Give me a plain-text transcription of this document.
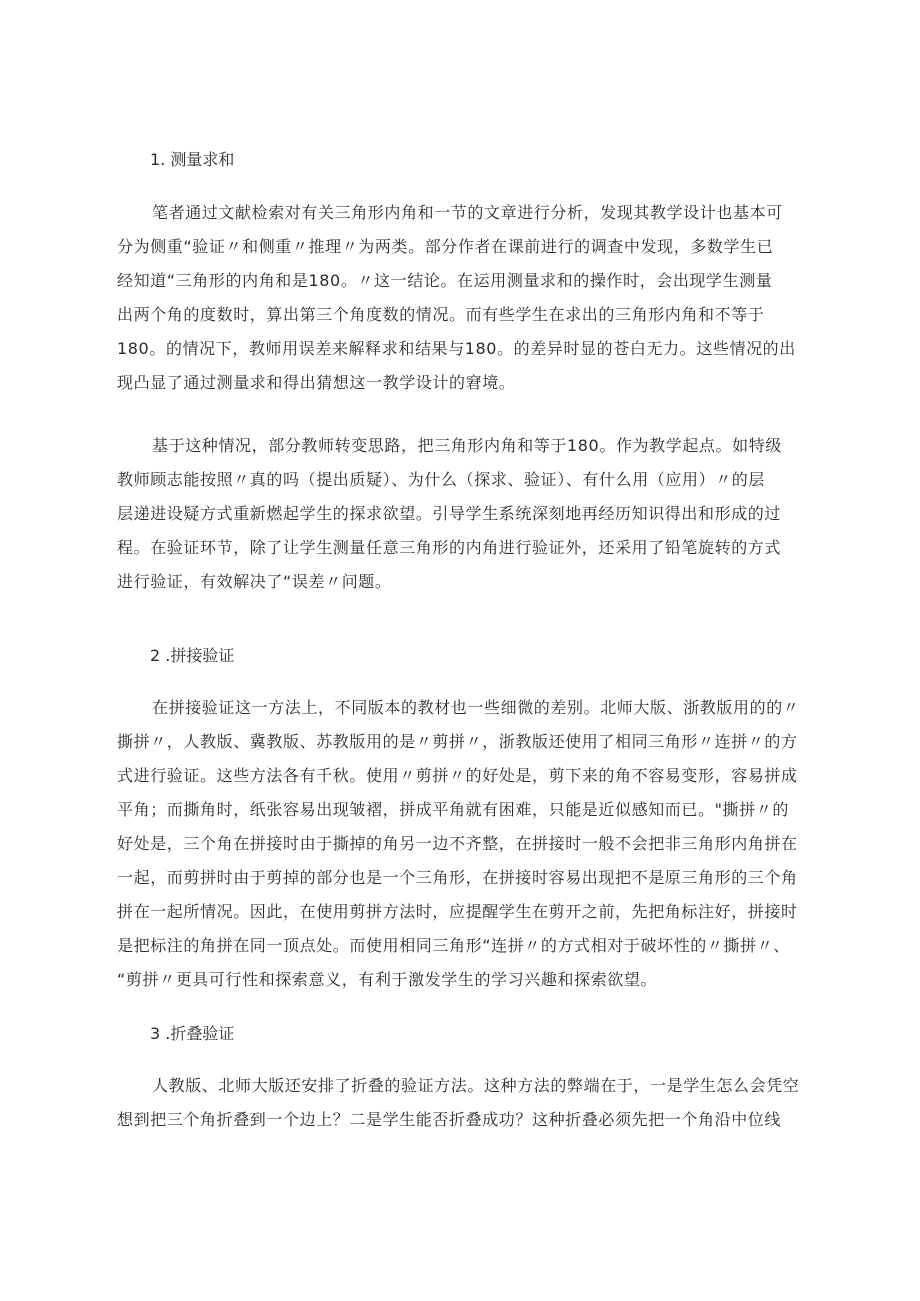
1. 测量求和
笔者通过文献检索对有关三角形内角和一节的文章进行分析，发现其教学设计也基本可
分为侧重“验证〃和侧重〃推理〃为两类。部分作者在课前进行的调查中发现，多数学生已
经知道“三角形的内角和是180。〃这一结论。在运用测量求和的操作时，会出现学生测量
出两个角的度数时，算出第三个角度数的情况。而有些学生在求出的三角形内角和不等于
180。的情况下，教师用误差来解释求和结果与180。的差异时显的苍白无力。这些情况的出
现凸显了通过测量求和得出猜想这一教学设计的窘境。
基于这种情况，部分教师转变思路，把三角形内角和等于180。作为教学起点。如特级
教师顾志能按照〃真的吗（提出质疑）、为什么（探求、验证）、有什么用（应用）〃的层
层递进设疑方式重新燃起学生的探求欲望。引导学生系统深刻地再经历知识得出和形成的过
程。在验证环节，除了让学生测量任意三角形的内角进行验证外，还采用了铅笔旋转的方式
进行验证，有效解决了“误差〃问题。
2 .拼接验证
在拼接验证这一方法上，不同版本的教材也一些细微的差别。北师大版、浙教版用的的〃
撕拼〃，人教版、冀教版、苏教版用的是〃剪拼〃，浙教版还使用了相同三角形〃连拼〃的方
式进行验证。这些方法各有千秋。使用〃剪拼〃的好处是，剪下来的角不容易变形，容易拼成
平角；而撕角时，纸张容易出现皱褶，拼成平角就有困难，只能是近似感知而已。"撕拼〃的
好处是，三个角在拼接时由于撕掉的角另一边不齐整，在拼接时一般不会把非三角形内角拼在
一起，而剪拼时由于剪掉的部分也是一个三角形，在拼接时容易出现把不是原三角形的三个角
拼在一起所情况。因此，在使用剪拼方法时，应提醒学生在剪开之前，先把角标注好，拼接时
是把标注的角拼在同一顶点处。而使用相同三角形“连拼〃的方式相对于破坏性的〃撕拼〃、
“剪拼〃更具可行性和探索意义，有利于激发学生的学习兴趣和探索欲望。
3 .折叠验证
人教版、北师大版还安排了折叠的验证方法。这种方法的弊端在于，一是学生怎么会凭空
想到把三个角折叠到一个边上？二是学生能否折叠成功？这种折叠必须先把一个角沿中位线
